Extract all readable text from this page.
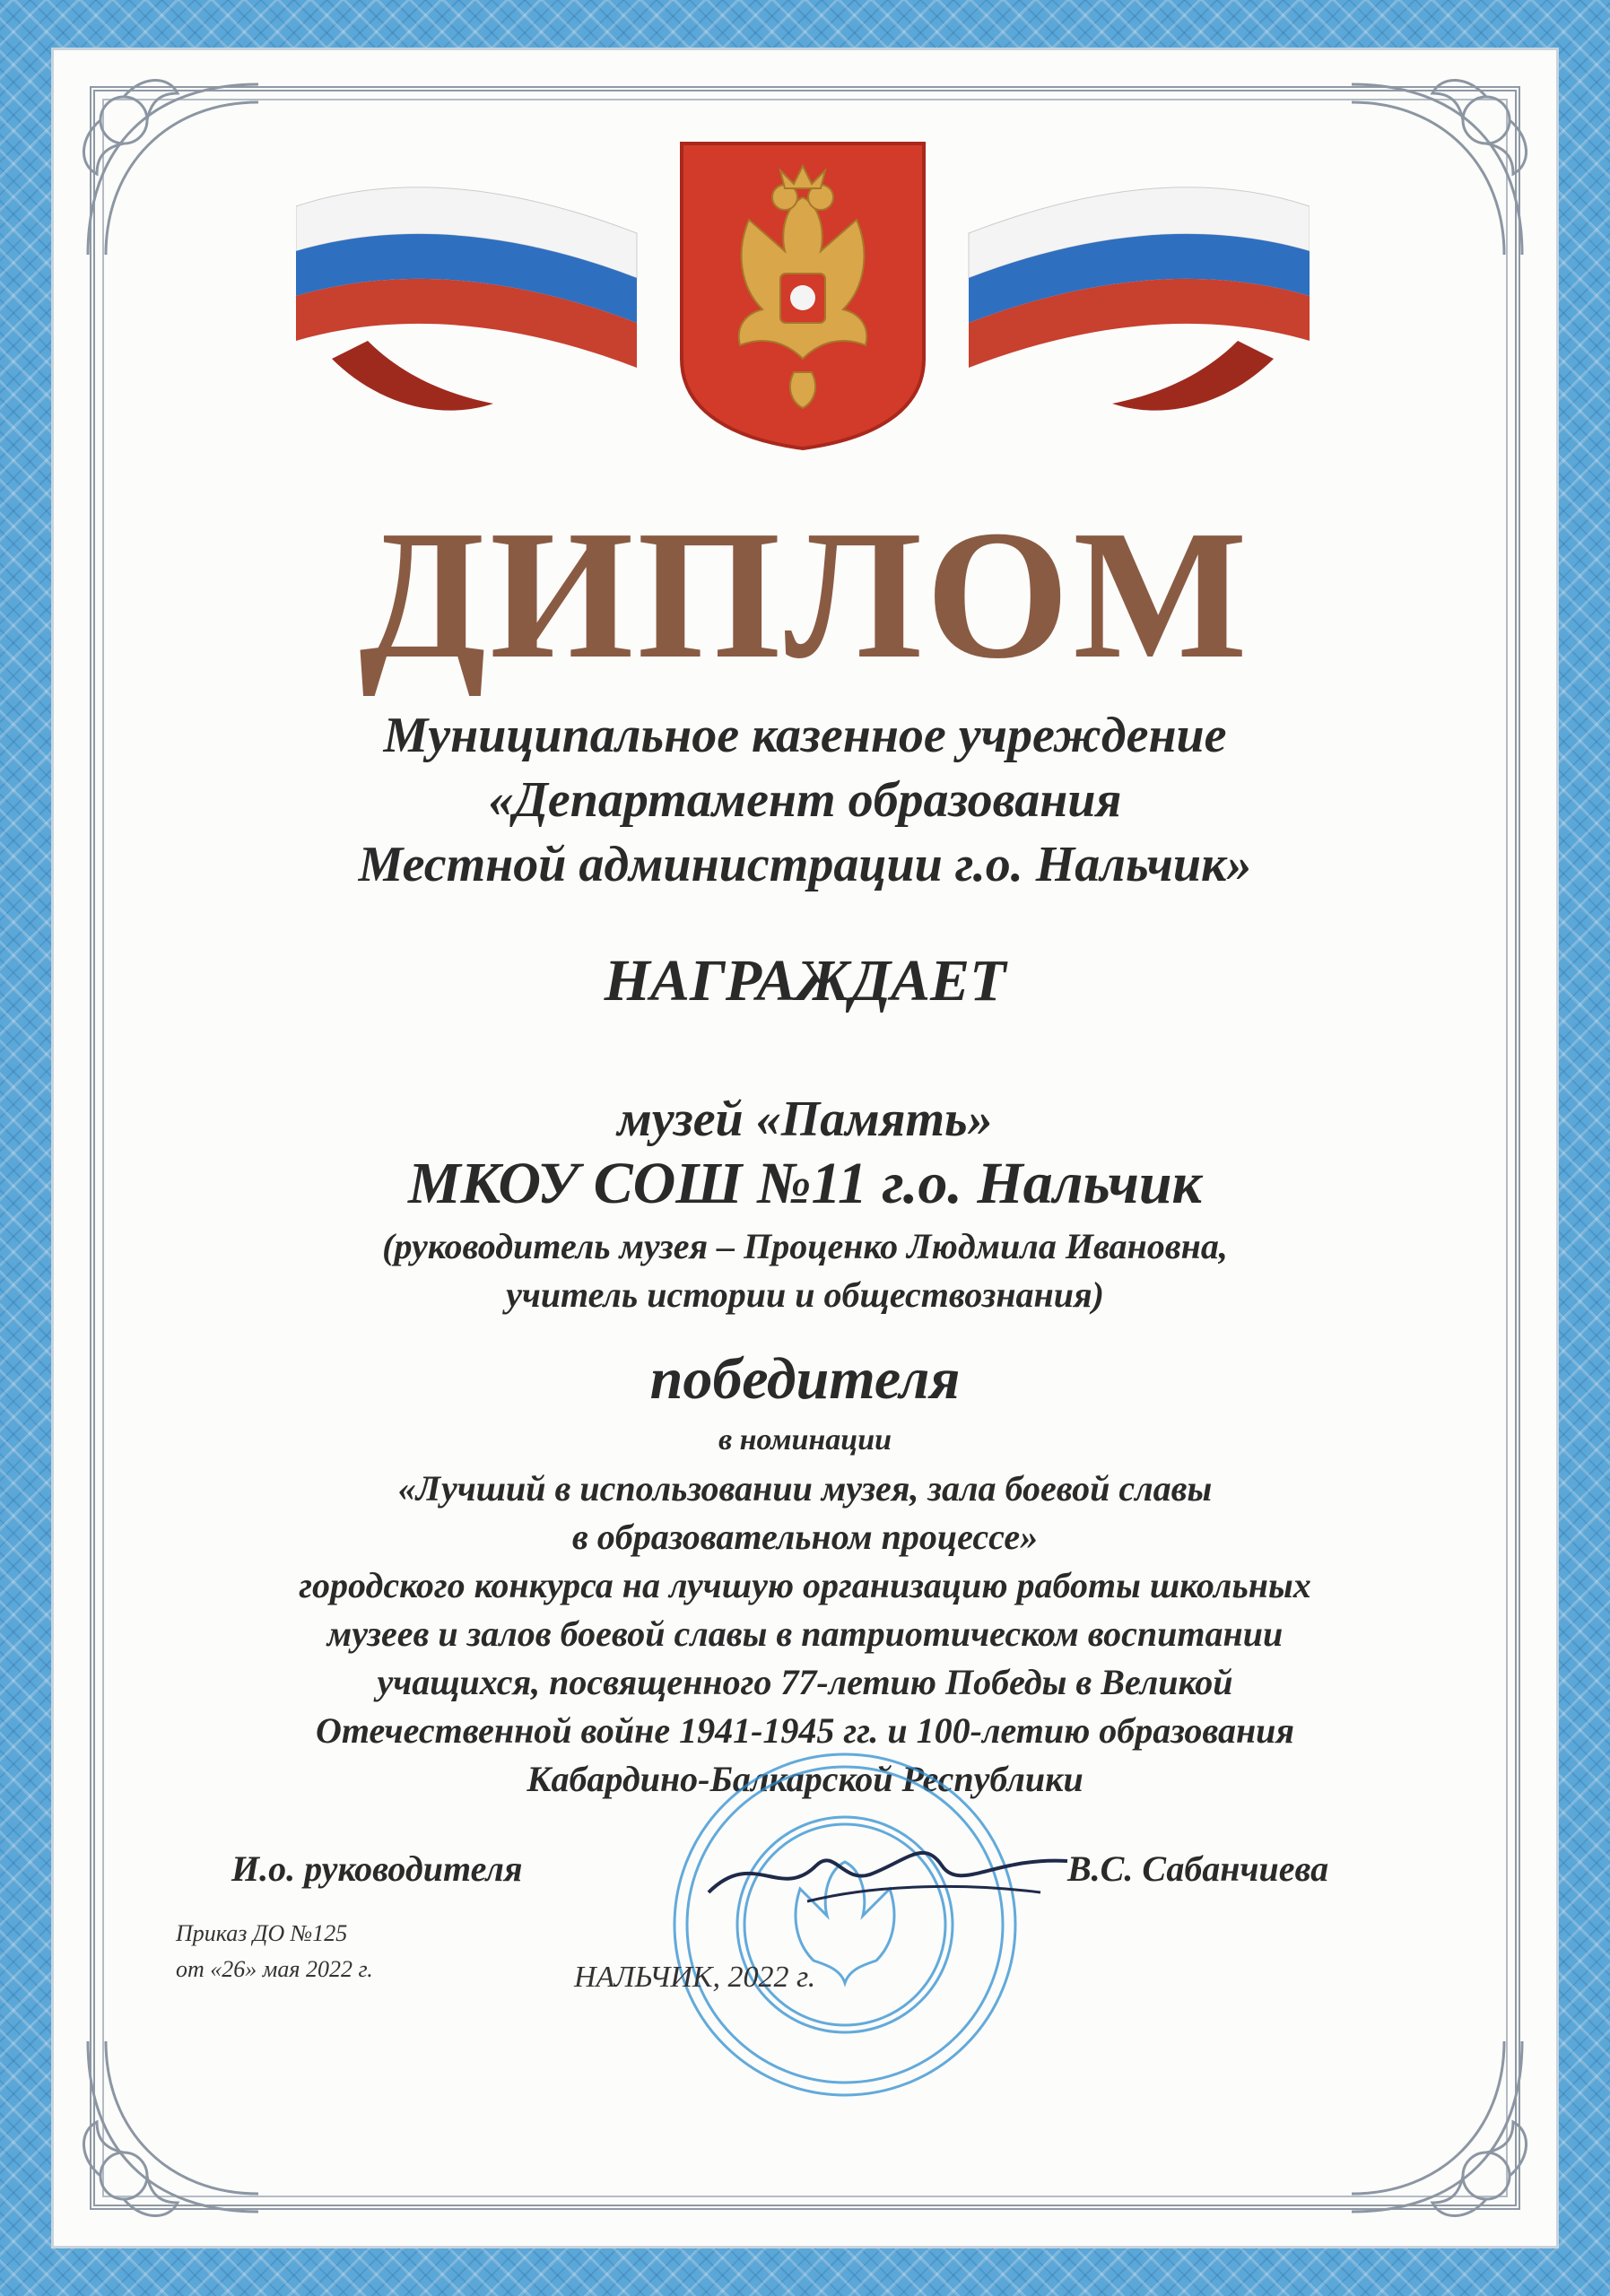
ДИПЛОМ
Муниципальное казенное учреждение
«Департамент образования
Местной администрации г.о. Нальчик»
НАГРАЖДАЕТ
музей «Память»
МКОУ СОШ №11 г.о. Нальчик
(руководитель музея – Проценко Людмила Ивановна,
учитель истории и обществознания)
победителя
в номинации
«Лучший в использовании музея, зала боевой славы
в образовательном процессе»
городского конкурса на лучшую организацию работы школьных
музеев и залов боевой славы в патриотическом воспитании
учащихся, посвященного 77-летию Победы в Великой
Отечественной войне 1941-1945 гг. и 100-летию образования
Кабардино-Балкарской Республики
И.о. руководителя	В.С. Сабанчиева
Приказ ДО №125
от «26» мая 2022 г.	НАЛЬЧИК, 2022 г.
